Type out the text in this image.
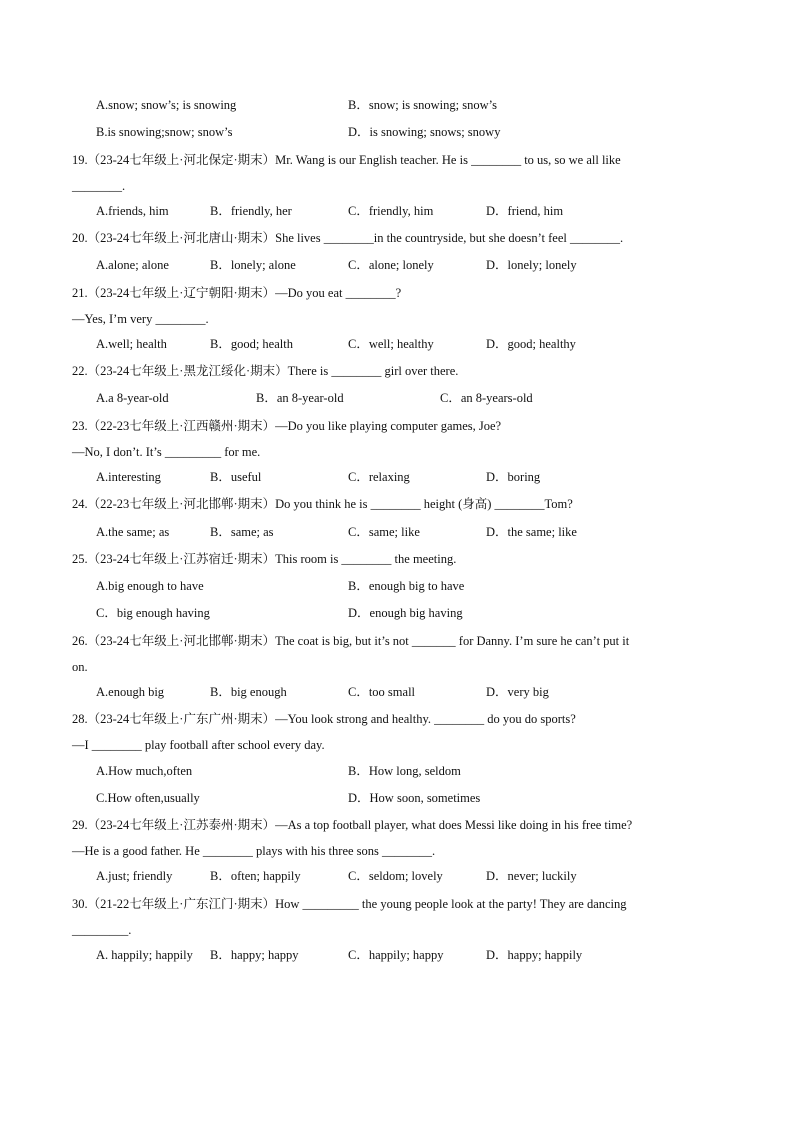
A.snow; snow’s; is snowing	B．snow; is snowing; snow’s
B.is snowing;snow; snow’s	D．is snowing; snows; snowy
19.（23-24七年级上·河北保定·期末）Mr. Wang is our English teacher. He is ________ to us, so we all like
________.
A.friends, him	B．friendly, her	C．friendly, him	D．friend, him
20.（23-24七年级上·河北唐山·期末）She lives ________in the countryside, but she doesn’t feel ________.
A.alone; alone	B．lonely; alone	C．alone; lonely	D．lonely; lonely
21.（23-24七年级上·辽宁朝阳·期末）—Do you eat ________?
—Yes, I’m very ________.
A.well; health	B．good; health	C．well; healthy	D．good; healthy
22.（23-24七年级上·黑龙江绥化·期末）There is ________ girl over there.
A.a 8-year-old	B．an 8-year-old	C．an 8-years-old
23.（22-23七年级上·江西赣州·期末）—Do you like playing computer games, Joe?
—No, I don’t. It’s _________ for me.
A.interesting	B．useful	C．relaxing	D．boring
24.（22-23七年级上·河北邯郸·期末）Do you think he is ________ height (身高) ________Tom?
A.the same; as	B．same; as	C．same; like	D．the same; like
25.（23-24七年级上·江苏宿迁·期末）This room is ________ the meeting.
A.big enough to have	B．enough big to have
C．big enough having	D．enough big having
26.（23-24七年级上·河北邯郸·期末）The coat is big, but it’s not _______ for Danny. I’m sure he can’t put it
on.
A.enough big	B．big enough	C．too small	D．very big
28.（23-24七年级上·广东广州·期末）—You look strong and healthy. ________ do you do sports?
—I ________ play football after school every day.
A.How much,often	B．How long, seldom
C.How often,usually	D．How soon, sometimes
29.（23-24七年级上·江苏泰州·期末）—As a top football player, what does Messi like doing in his free time?
—He is a good father. He ________ plays with his three sons ________.
A.just; friendly	B．often; happily	C．seldom; lovely	D．never; luckily
30.（21-22七年级上·广东江门·期末）How _________ the young people look at the party! They are dancing
_________.
A. happily; happily B．happy; happy	C．happily; happy	D．happy; happily
